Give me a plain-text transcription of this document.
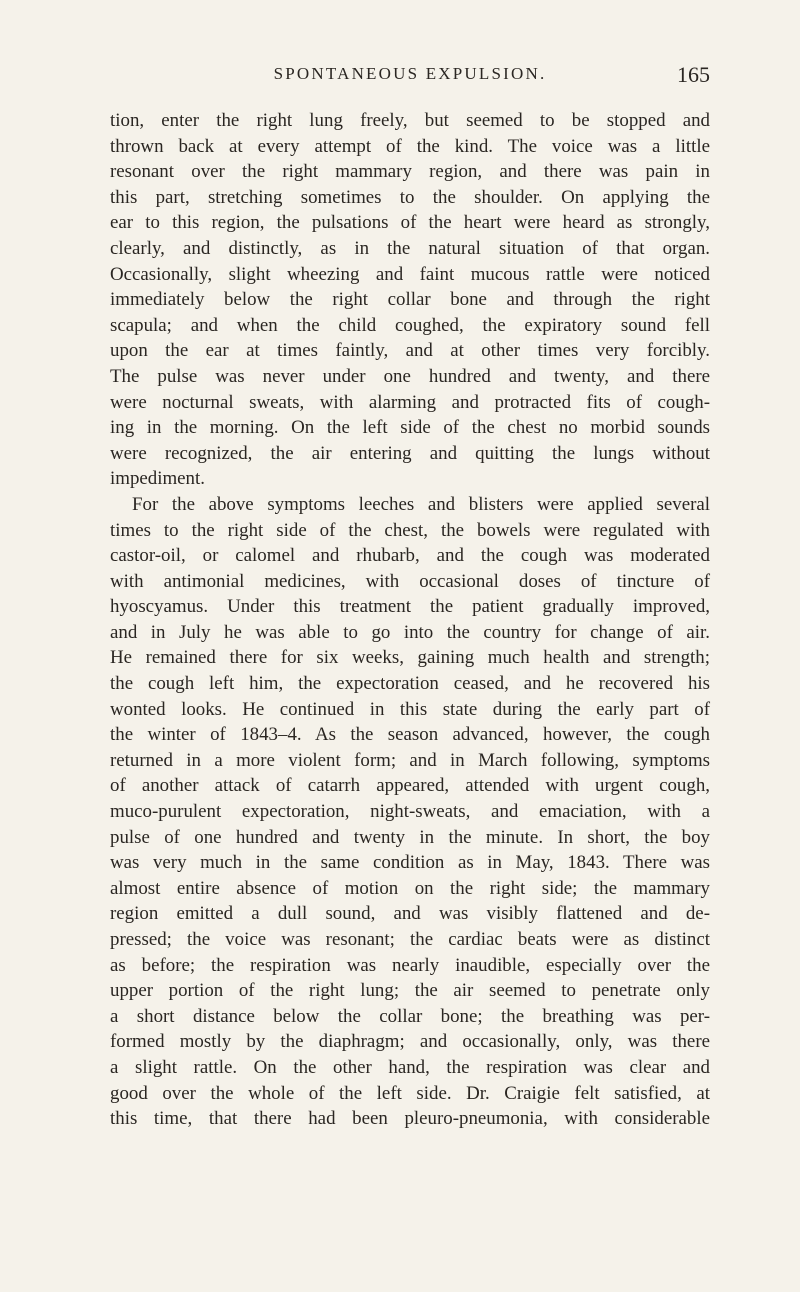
SPONTANEOUS EXPULSION.	165
tion, enter the right lung freely, but seemed to be stopped and
thrown back at every attempt of the kind. The voice was a little
resonant over the right mammary region, and there was pain in
this part, stretching sometimes to the shoulder. On applying the
ear to this region, the pulsations of the heart were heard as strongly,
clearly, and distinctly, as in the natural situation of that organ.
Occasionally, slight wheezing and faint mucous rattle were noticed
immediately below the right collar bone and through the right
scapula; and when the child coughed, the expiratory sound fell
upon the ear at times faintly, and at other times very forcibly.
The pulse was never under one hundred and twenty, and there
were nocturnal sweats, with alarming and protracted fits of cough-
ing in the morning. On the left side of the chest no morbid sounds
were recognized, the air entering and quitting the lungs without
impediment.
For the above symptoms leeches and blisters were applied several
times to the right side of the chest, the bowels were regulated with
castor-oil, or calomel and rhubarb, and the cough was moderated
with antimonial medicines, with occasional doses of tincture of
hyoscyamus. Under this treatment the patient gradually improved,
and in July he was able to go into the country for change of air.
He remained there for six weeks, gaining much health and strength;
the cough left him, the expectoration ceased, and he recovered his
wonted looks. He continued in this state during the early part of
the winter of 1843–4. As the season advanced, however, the cough
returned in a more violent form; and in March following, symptoms
of another attack of catarrh appeared, attended with urgent cough,
muco-purulent expectoration, night-sweats, and emaciation, with a
pulse of one hundred and twenty in the minute. In short, the boy
was very much in the same condition as in May, 1843. There was
almost entire absence of motion on the right side; the mammary
region emitted a dull sound, and was visibly flattened and de-
pressed; the voice was resonant; the cardiac beats were as distinct
as before; the respiration was nearly inaudible, especially over the
upper portion of the right lung; the air seemed to penetrate only
a short distance below the collar bone; the breathing was per-
formed mostly by the diaphragm; and occasionally, only, was there
a slight rattle. On the other hand, the respiration was clear and
good over the whole of the left side. Dr. Craigie felt satisfied, at
this time, that there had been pleuro-pneumonia, with considerable
